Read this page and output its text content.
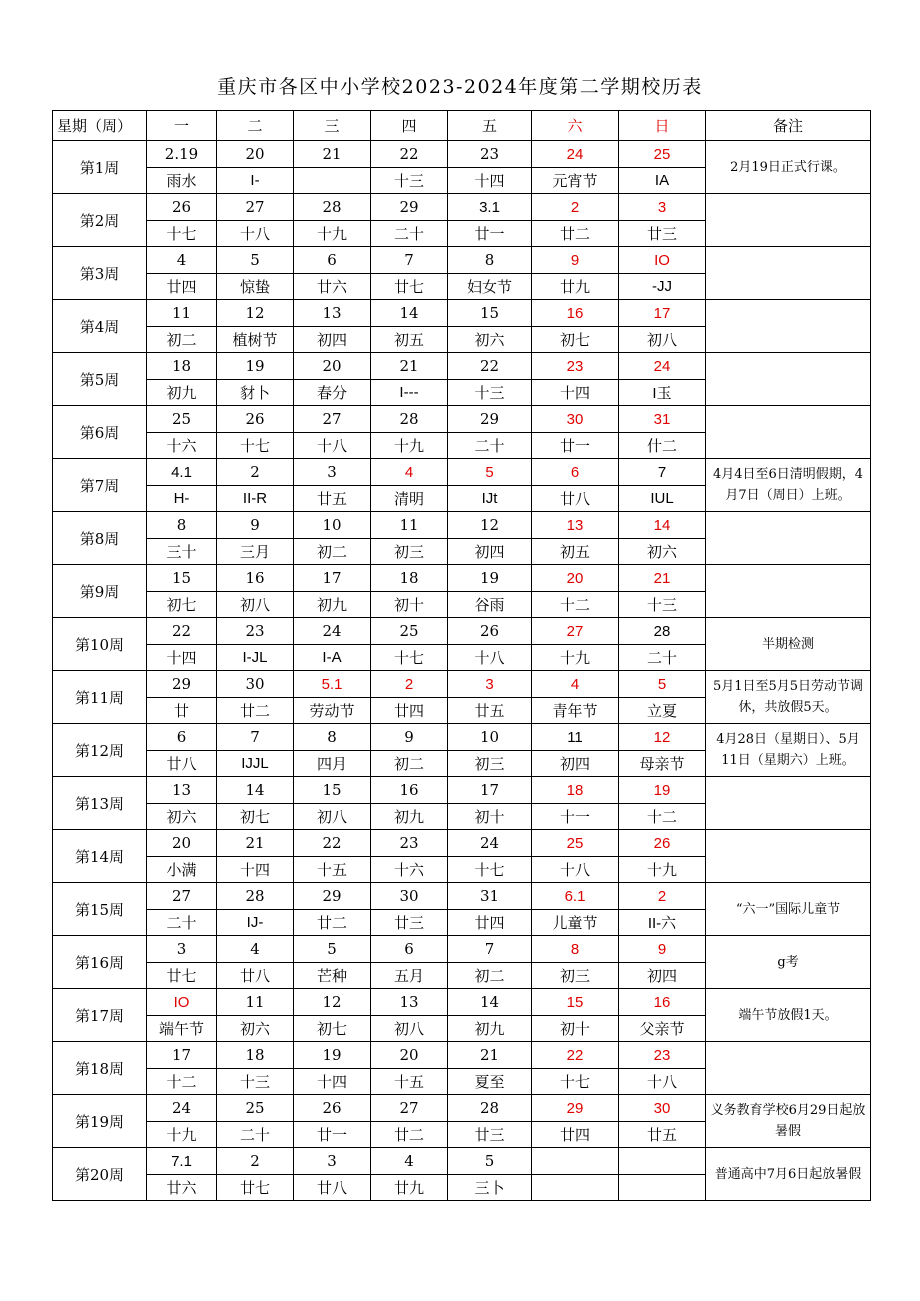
重庆市各区中小学校2023-2024年度第二学期校历表
星期（周）	一	二	三	四	五	六	日	备注
第1周	2.19	20	21	22	23	24	25	2月19日正式行课。
	雨水	I-		十三	十四	元宵节	IA	
第2周	26	27	28	29	3.1	2	3	
	十七	十八	十九	二十	廿一	廿二	廿三	
第3周	4	5	6	7	8	9	IO	
	廿四	惊蛰	廿六	廿七	妇女节	廿九	-JJ	
第4周	11	12	13	14	15	16	17	
	初二	植树节	初四	初五	初六	初七	初八	
第5周	18	19	20	21	22	23	24	
	初九	豺卜	春分	I---	十三	十四	I玉	
第6周	25	26	27	28	29	30	31	
	十六	十七	十八	十九	二十	廿一	什二	
第7周	4.1	2	3	4	5	6	7	4月4日至6日清明假期，4月7日（周日）上班。
	H-	II-R	廿五	清明	IJt	廿八	IUL	
第8周	8	9	10	11	12	13	14	
	三十	三月	初二	初三	初四	初五	初六	
第9周	15	16	17	18	19	20	21	
	初七	初八	初九	初十	谷雨	十二	十三	
第10周	22	23	24	25	26	27	28	半期检测
	十四	I-JL	I-A	十七	十八	十九	二十	
第11周	29	30	5.1	2	3	4	5	5月1日至5月5日劳动节调休，共放假5天。
	廿	廿二	劳动节	廿四	廿五	青年节	立夏	
第12周	6	7	8	9	10	11	12	4月28日（星期日）、5月11日（星期六）上班。
	廿八	IJJL	四月	初二	初三	初四	母亲节	
第13周	13	14	15	16	17	18	19	
	初六	初七	初八	初九	初十	十一	十二	
第14周	20	21	22	23	24	25	26	
	小满	十四	十五	十六	十七	十八	十九	
第15周	27	28	29	30	31	6.1	2	“六一”国际儿童节
	二十	IJ-	廿二	廿三	廿四	儿童节	II-六	
第16周	3	4	5	6	7	8	9	g考
	廿七	廿八	芒种	五月	初二	初三	初四	
第17周	IO	11	12	13	14	15	16	端午节放假1天。
	端午节	初六	初七	初八	初九	初十	父亲节	
第18周	17	18	19	20	21	22	23	
	十二	十三	十四	十五	夏至	十七	十八	
第19周	24	25	26	27	28	29	30	义务教育学校6月29日起放暑假
	十九	二十	廿一	廿二	廿三	廿四	廿五	
第20周	7.1	2	3	4	5			普通高中7月6日起放暑假
	廿六	廿七	廿八	廿九	三卜			
